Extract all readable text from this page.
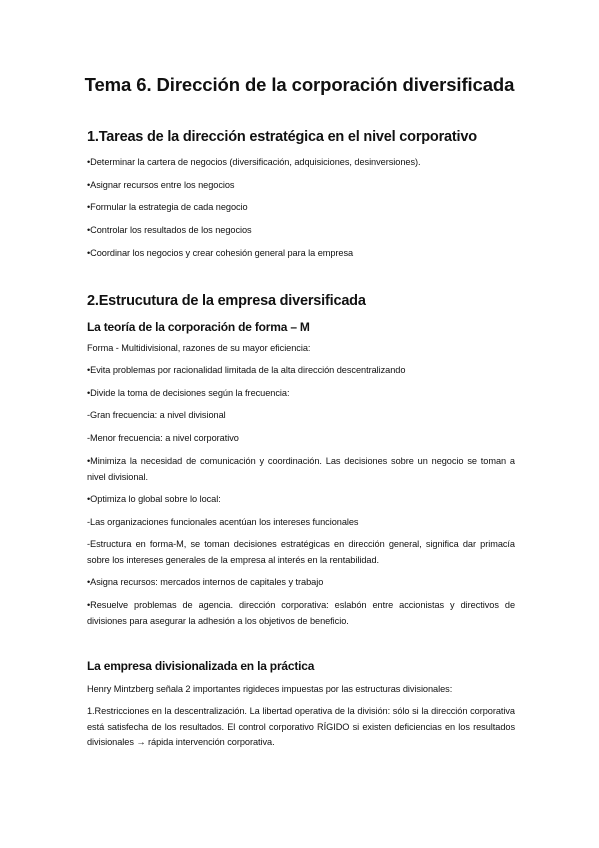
Tema 6. Dirección de la corporación diversificada
1.Tareas de la dirección estratégica en el nivel corporativo
•Determinar la cartera de negocios (diversificación, adquisiciones, desinversiones).
•Asignar recursos entre los negocios
•Formular la estrategia de cada negocio
•Controlar los resultados de los negocios
•Coordinar los negocios y crear cohesión general para la empresa
2.Estrucutura de la empresa diversificada
La teoría de la corporación de forma – M
Forma - Multidivisional, razones de su mayor eficiencia:
•Evita problemas por racionalidad limitada de la alta dirección descentralizando
•Divide la toma de decisiones según la frecuencia:
-Gran frecuencia: a nivel divisional
-Menor frecuencia: a nivel corporativo
•Minimiza la necesidad de comunicación y coordinación. Las decisiones sobre un negocio se toman a nivel divisional.
•Optimiza lo global sobre lo local:
-Las organizaciones funcionales acentúan los intereses funcionales
-Estructura en forma-M, se toman decisiones estratégicas en dirección general, significa dar primacía sobre los intereses generales de la empresa al interés en la rentabilidad.
•Asigna recursos: mercados internos de capitales y trabajo
•Resuelve problemas de agencia. dirección corporativa: eslabón entre accionistas y directivos de divisiones para asegurar la adhesión a los objetivos de beneficio.
La empresa divisionalizada en la práctica
Henry Mintzberg señala 2 importantes rigideces impuestas por las estructuras divisionales:
1.Restricciones en la descentralización. La libertad operativa de la división: sólo si la dirección corporativa está satisfecha de los resultados. El control corporativo RÍGIDO si existen deficiencias en los resultados divisionales → rápida intervención corporativa.
